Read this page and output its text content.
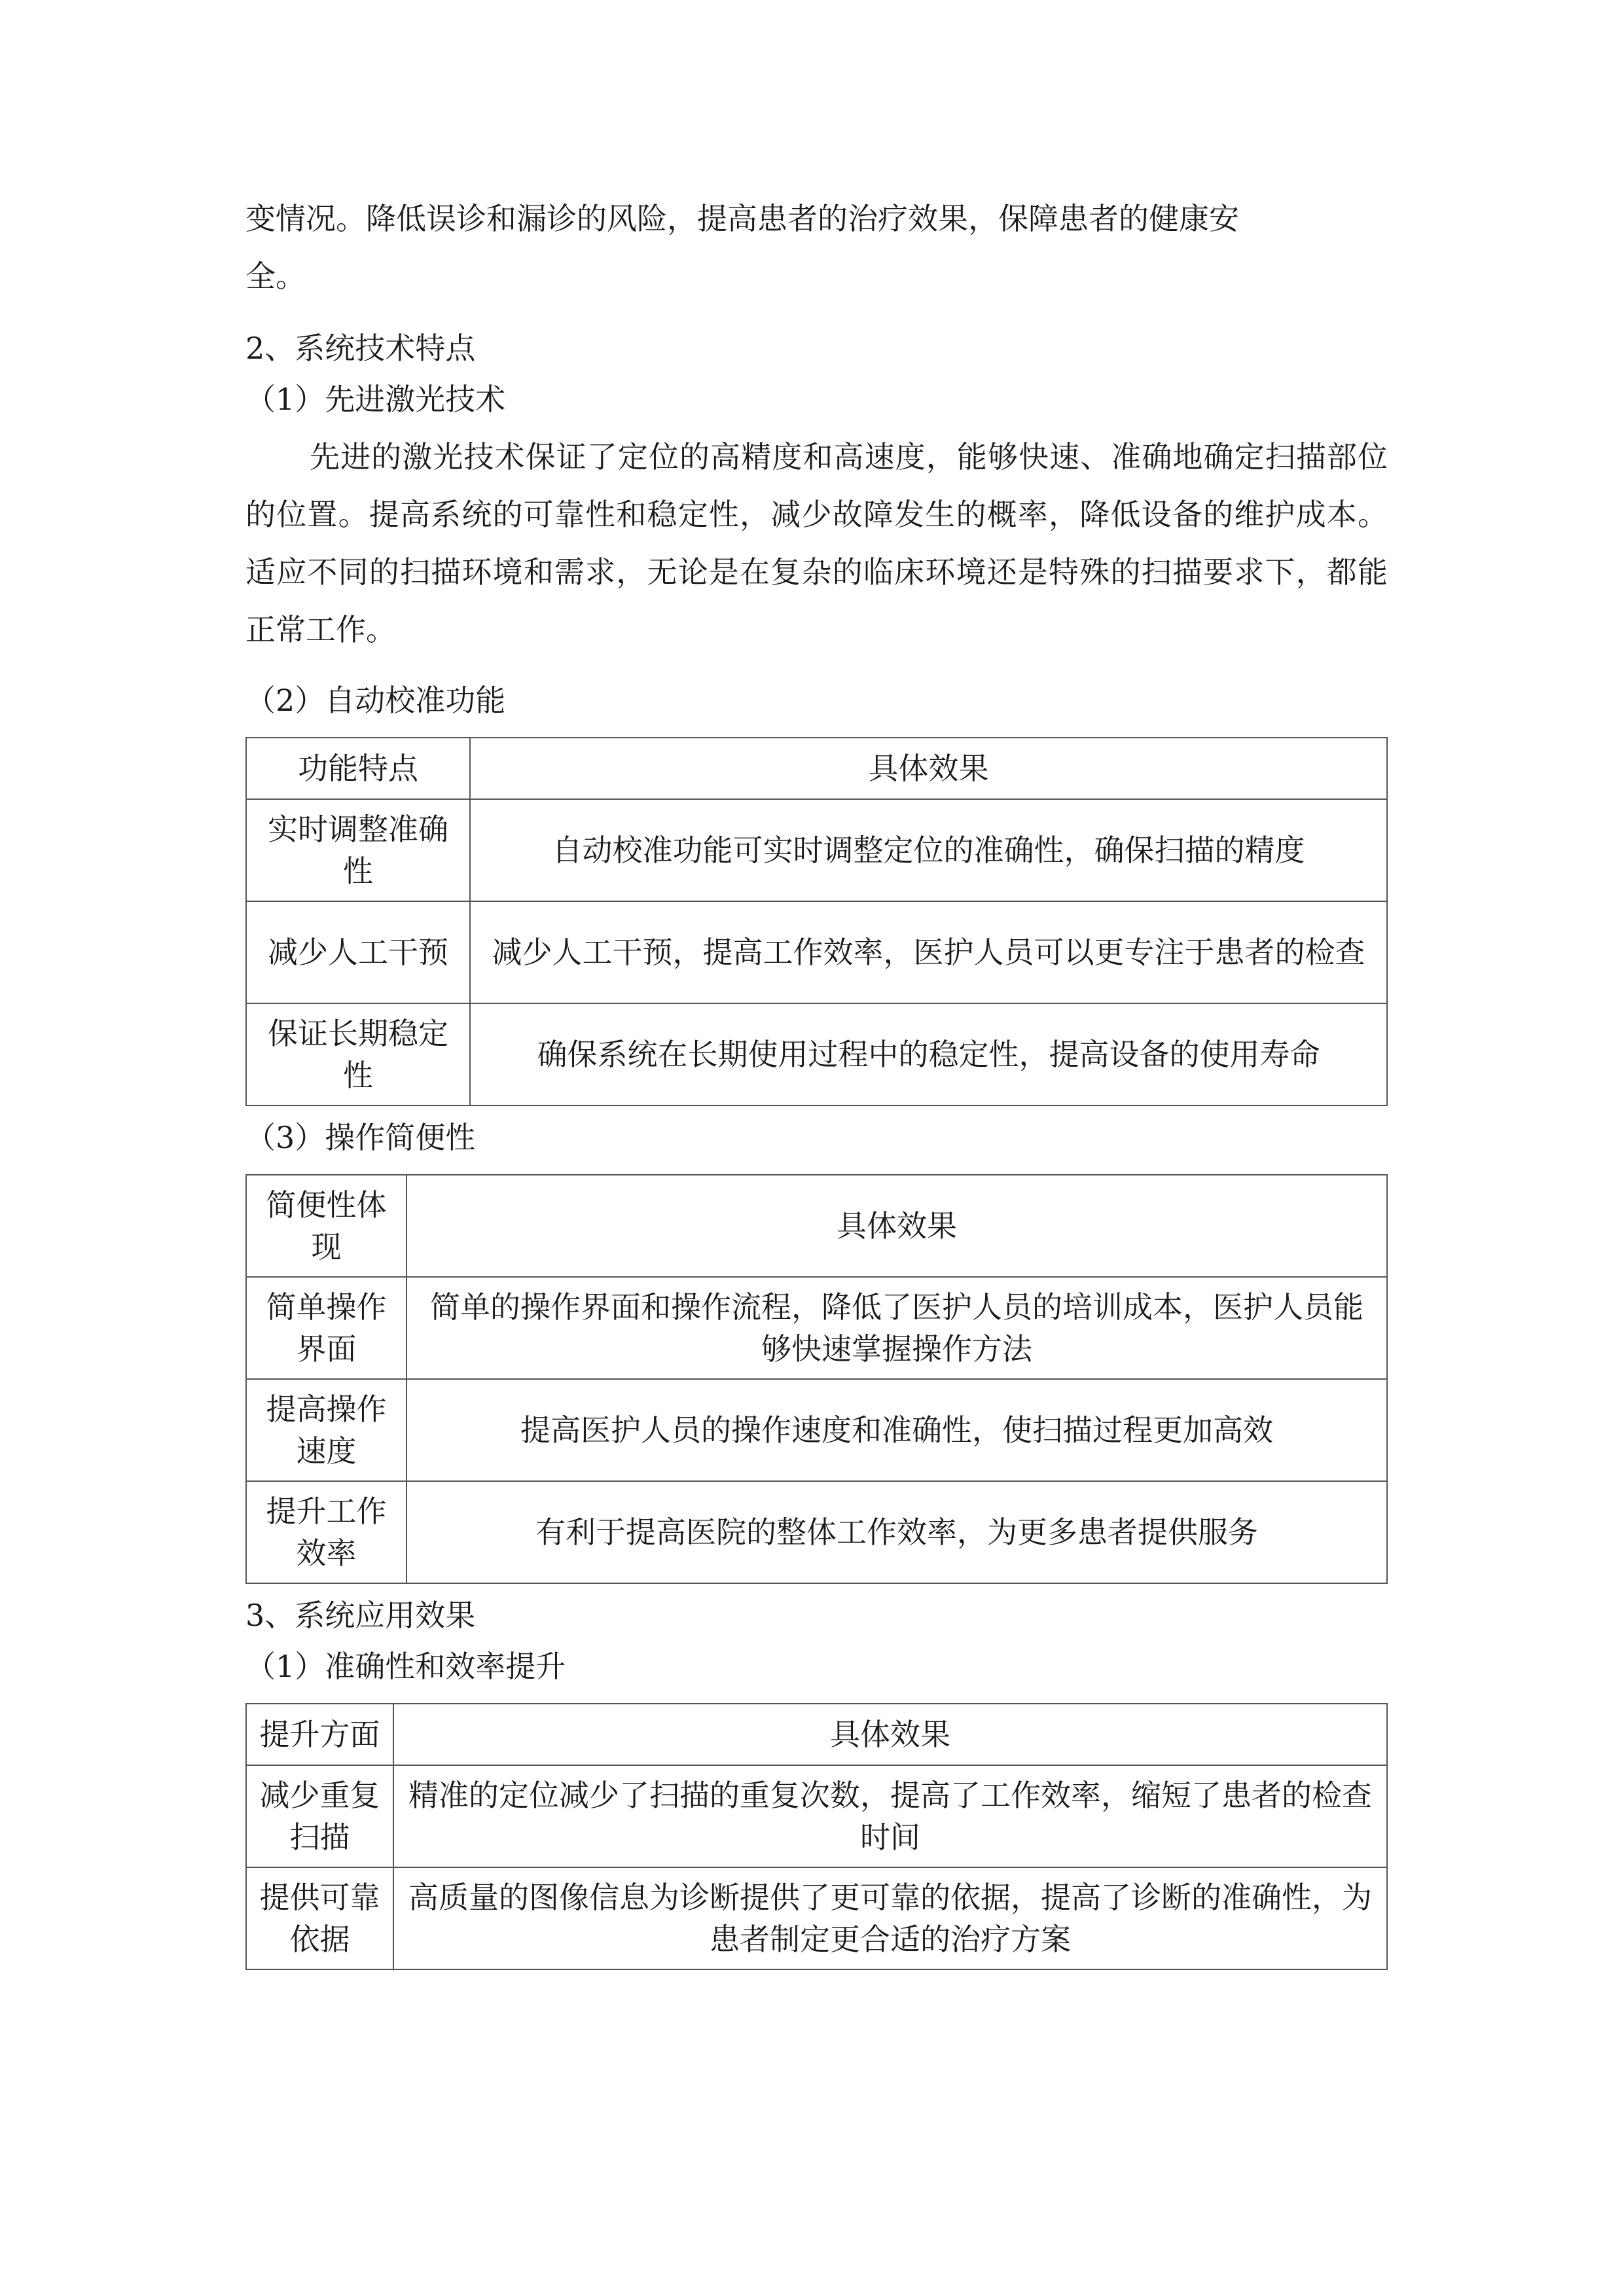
变情况。降低误诊和漏诊的风险，提高患者的治疗效果，保障患者的健康安
全。

2、系统技术特点

（1）先进激光技术

先进的激光技术保证了定位的高精度和高速度，能够快速、准确地确定扫描部位的位置。提高系统的可靠性和稳定性，减少故障发生的概率，降低设备的维护成本。适应不同的扫描环境和需求，无论是在复杂的临床环境还是特殊的扫描要求下，都能正常工作。

（2）自动校准功能

功能特点	具体效果
实时调整准确性	自动校准功能可实时调整定位的准确性，确保扫描的精度
减少人工干预	减少人工干预，提高工作效率，医护人员可以更专注于患者的检查
保证长期稳定性	确保系统在长期使用过程中的稳定性，提高设备的使用寿命

（3）操作简便性

简便性体现	具体效果
简单操作界面	简单的操作界面和操作流程，降低了医护人员的培训成本，医护人员能够快速掌握操作方法
提高操作速度	提高医护人员的操作速度和准确性，使扫描过程更加高效
提升工作效率	有利于提高医院的整体工作效率，为更多患者提供服务

3、系统应用效果

（1）准确性和效率提升

提升方面	具体效果
减少重复扫描	精准的定位减少了扫描的重复次数，提高了工作效率，缩短了患者的检查时间
提供可靠依据	高质量的图像信息为诊断提供了更可靠的依据，提高了诊断的准确性，为患者制定更合适的治疗方案
